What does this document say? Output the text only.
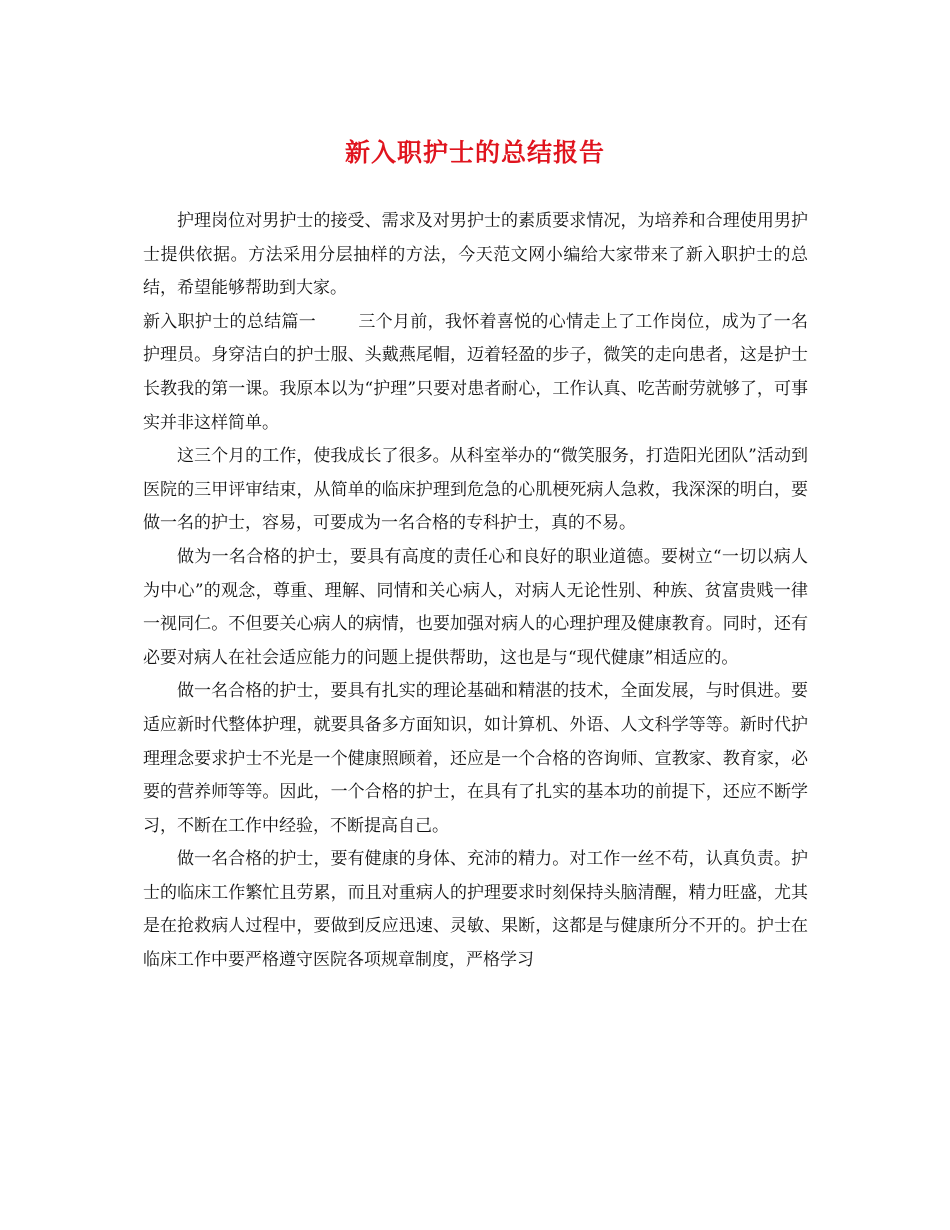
新入职护士的总结报告

护理岗位对男护士的接受、需求及对男护士的素质要求情况，为培养和合理使用男护士提供依据。方法采用分层抽样的方法，今天范文网小编给大家带来了新入职护士的总结，希望能够帮助到大家。

新入职护士的总结篇一 三个月前，我怀着喜悦的心情走上了工作岗位，成为了一名护理员。身穿洁白的护士服、头戴燕尾帽，迈着轻盈的步子，微笑的走向患者，这是护士长教我的第一课。我原本以为“护理”只要对患者耐心，工作认真、吃苦耐劳就够了，可事实并非这样简单。

这三个月的工作，使我成长了很多。从科室举办的“微笑服务，打造阳光团队”活动到医院的三甲评审结束，从简单的临床护理到危急的心肌梗死病人急救，我深深的明白，要做一名的护士，容易，可要成为一名合格的专科护士，真的不易。

做为一名合格的护士，要具有高度的责任心和良好的职业道德。要树立“一切以病人为中心”的观念，尊重、理解、同情和关心病人，对病人无论性别、种族、贫富贵贱一律一视同仁。不但要关心病人的病情，也要加强对病人的心理护理及健康教育。同时，还有必要对病人在社会适应能力的问题上提供帮助，这也是与“现代健康”相适应的。

做一名合格的护士，要具有扎实的理论基础和精湛的技术，全面发展，与时俱进。要适应新时代整体护理，就要具备多方面知识，如计算机、外语、人文科学等等。新时代护理理念要求护士不光是一个健康照顾着，还应是一个合格的咨询师、宣教家、教育家，必要的营养师等等。因此，一个合格的护士，在具有了扎实的基本功的前提下，还应不断学习，不断在工作中经验，不断提高自己。

做一名合格的护士，要有健康的身体、充沛的精力。对工作一丝不苟，认真负责。护士的临床工作繁忙且劳累，而且对重病人的护理要求时刻保持头脑清醒，精力旺盛，尤其是在抢救病人过程中，要做到反应迅速、灵敏、果断，这都是与健康所分不开的。护士在临床工作中要严格遵守医院各项规章制度，严格学习
